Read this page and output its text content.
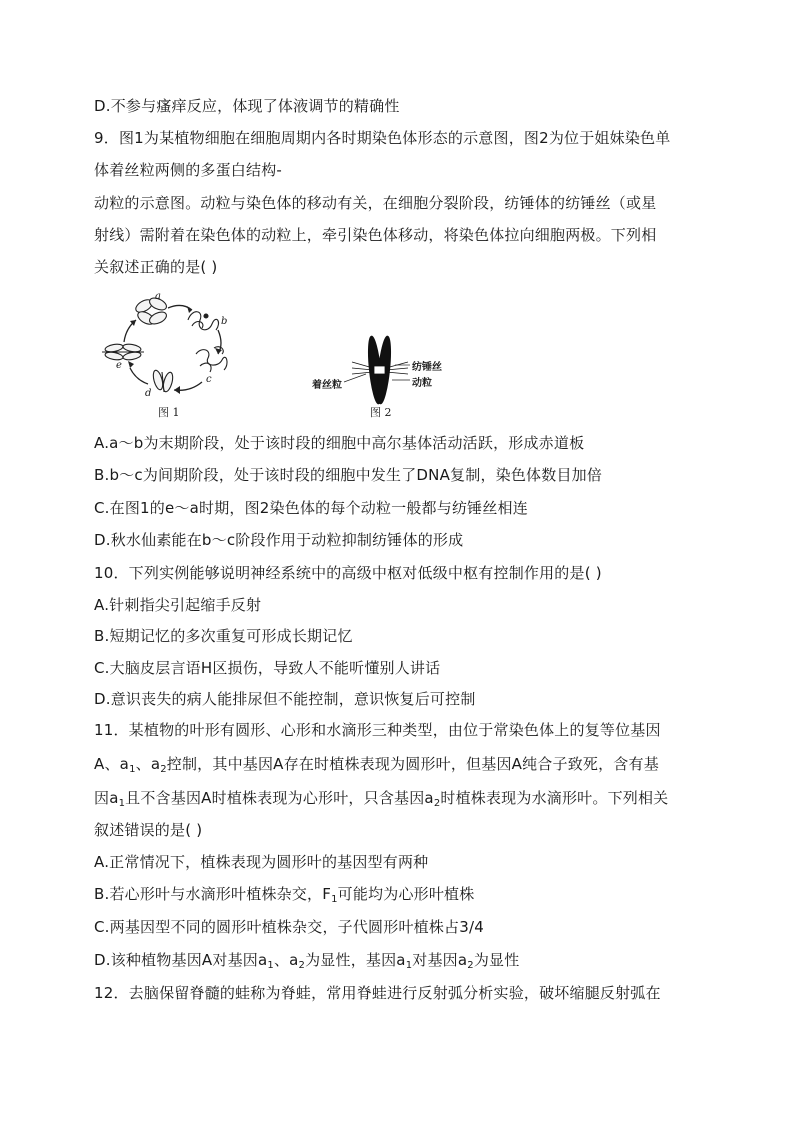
D.不参与瘙痒反应，体现了体液调节的精确性
9．图1为某植物细胞在细胞周期内各时期染色体形态的示意图，图2为位于姐妹染色单
体着丝粒两侧的多蛋白结构-
动粒的示意图。动粒与染色体的移动有关，在细胞分裂阶段，纺锤体的纺锤丝（或星
射线）需附着在染色体的动粒上，牵引染色体移动，将染色体拉向细胞两极。下列相
关叙述正确的是( )
a
b
c
d
e
图 1
纺锤丝
动粒
着丝粒
图 2
A.a～b为末期阶段，处于该时段的细胞中高尔基体活动活跃，形成赤道板
B.b～c为间期阶段，处于该时段的细胞中发生了DNA复制，染色体数目加倍
C.在图1的e～a时期，图2染色体的每个动粒一般都与纺锤丝相连
D.秋水仙素能在b～c阶段作用于动粒抑制纺锤体的形成
10．下列实例能够说明神经系统中的高级中枢对低级中枢有控制作用的是( )
A.针刺指尖引起缩手反射
B.短期记忆的多次重复可形成长期记忆
C.大脑皮层言语H区损伤，导致人不能听懂别人讲话
D.意识丧失的病人能排尿但不能控制，意识恢复后可控制
11．某植物的叶形有圆形、心形和水滴形三种类型，由位于常染色体上的复等位基因
A、$a_1$、$a_2$控制，其中基因A存在时植株表现为圆形叶，但基因A纯合子致死，含有基
因$a_1$且不含基因A时植株表现为心形叶，只含基因$a_2$时植株表现为水滴形叶。下列相关
叙述错误的是( )
A.正常情况下，植株表现为圆形叶的基因型有两种
B.若心形叶与水滴形叶植株杂交，$F_1$可能均为心形叶植株
C.两基因型不同的圆形叶植株杂交，子代圆形叶植株占3/4
D.该种植物基因A对基因$a_1$、$a_2$为显性，基因$a_1$对基因$a_2$为显性
12．去脑保留脊髓的蛙称为脊蛙，常用脊蛙进行反射弧分析实验，破坏缩腿反射弧在
